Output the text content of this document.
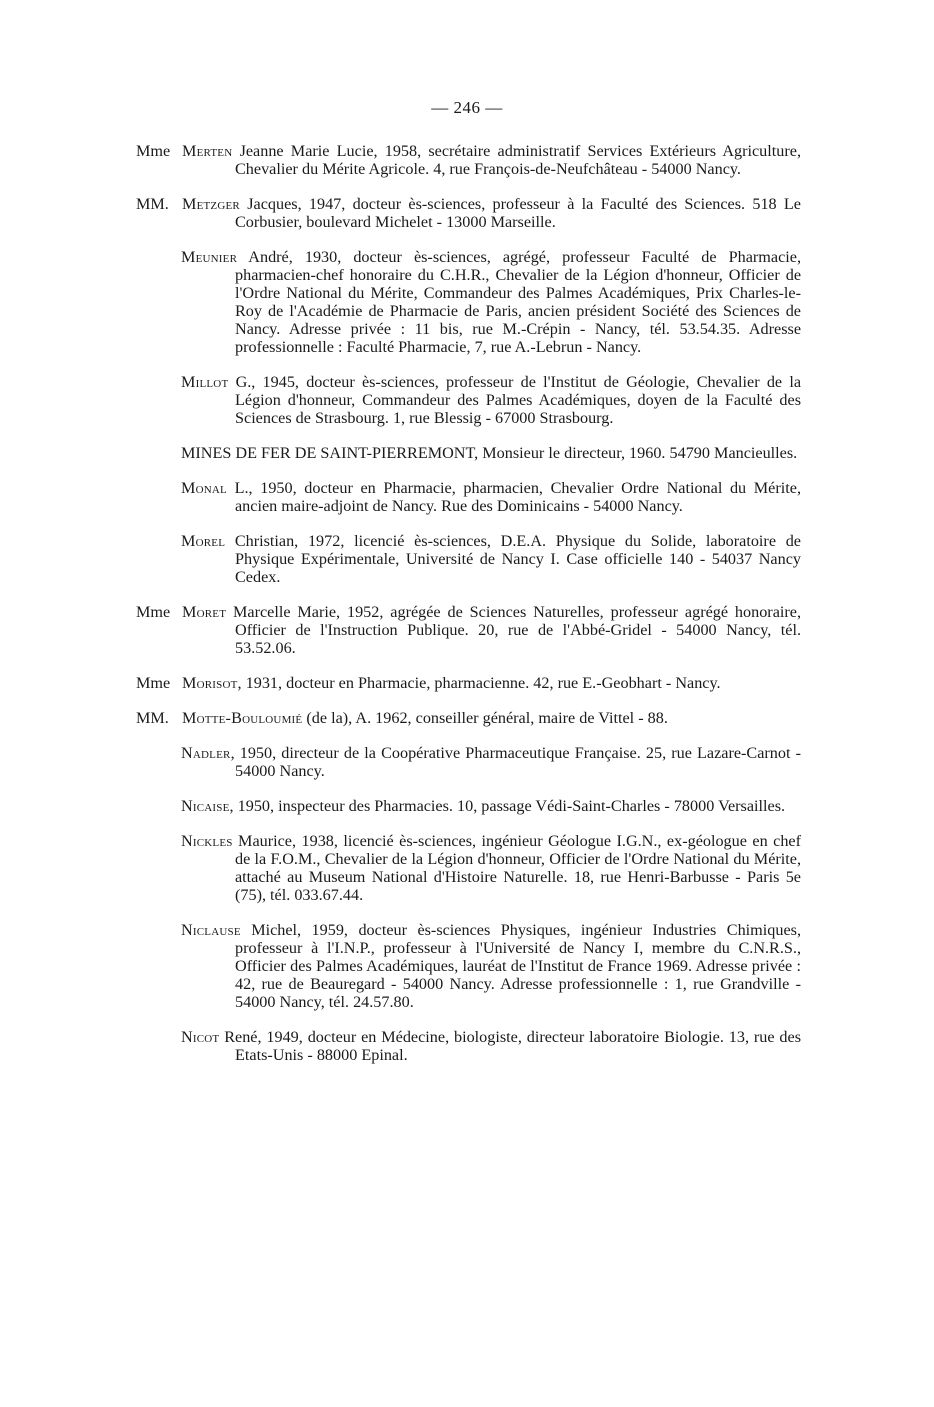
— 246 —
Mme Merten Jeanne Marie Lucie, 1958, secrétaire administratif Services Extérieurs Agriculture, Chevalier du Mérite Agricole. 4, rue François-de-Neufchâteau - 54000 Nancy.
MM. Metzger Jacques, 1947, docteur ès-sciences, professeur à la Faculté des Sciences. 518 Le Corbusier, boulevard Michelet - 13000 Marseille.
Meunier André, 1930, docteur ès-sciences, agrégé, professeur Faculté de Pharmacie, pharmacien-chef honoraire du C.H.R., Chevalier de la Légion d'honneur, Officier de l'Ordre National du Mérite, Commandeur des Palmes Académiques, Prix Charles-le-Roy de l'Académie de Pharmacie de Paris, ancien président Société des Sciences de Nancy. Adresse privée : 11 bis, rue M.-Crépin - Nancy, tél. 53.54.35. Adresse professionnelle : Faculté Pharmacie, 7, rue A.-Lebrun - Nancy.
Millot G., 1945, docteur ès-sciences, professeur de l'Institut de Géologie, Chevalier de la Légion d'honneur, Commandeur des Palmes Académiques, doyen de la Faculté des Sciences de Strasbourg. 1, rue Blessig - 67000 Strasbourg.
MINES DE FER DE SAINT-PIERREMONT, Monsieur le directeur, 1960. 54790 Mancieulles.
Monal L., 1950, docteur en Pharmacie, pharmacien, Chevalier Ordre National du Mérite, ancien maire-adjoint de Nancy. Rue des Dominicains - 54000 Nancy.
Morel Christian, 1972, licencié ès-sciences, D.E.A. Physique du Solide, laboratoire de Physique Expérimentale, Université de Nancy I. Case officielle 140 - 54037 Nancy Cedex.
Mme Moret Marcelle Marie, 1952, agrégée de Sciences Naturelles, professeur agrégé honoraire, Officier de l'Instruction Publique. 20, rue de l'Abbé-Gridel - 54000 Nancy, tél. 53.52.06.
Mme Morisot, 1931, docteur en Pharmacie, pharmacienne. 42, rue E.-Geobhart - Nancy.
MM. Motte-Bouloumié (de la), A. 1962, conseiller général, maire de Vittel - 88.
Nadler, 1950, directeur de la Coopérative Pharmaceutique Française. 25, rue Lazare-Carnot - 54000 Nancy.
Nicaise, 1950, inspecteur des Pharmacies. 10, passage Védi-Saint-Charles - 78000 Versailles.
Nickles Maurice, 1938, licencié ès-sciences, ingénieur Géologue I.G.N., ex-géologue en chef de la F.O.M., Chevalier de la Légion d'honneur, Officier de l'Ordre National du Mérite, attaché au Museum National d'Histoire Naturelle. 18, rue Henri-Barbusse - Paris 5e (75), tél. 033.67.44.
Niclause Michel, 1959, docteur ès-sciences Physiques, ingénieur Industries Chimiques, professeur à l'I.N.P., professeur à l'Université de Nancy I, membre du C.N.R.S., Officier des Palmes Académiques, lauréat de l'Institut de France 1969. Adresse privée : 42, rue de Beauregard - 54000 Nancy. Adresse professionnelle : 1, rue Grandville - 54000 Nancy, tél. 24.57.80.
Nicot René, 1949, docteur en Médecine, biologiste, directeur laboratoire Biologie. 13, rue des Etats-Unis - 88000 Epinal.
